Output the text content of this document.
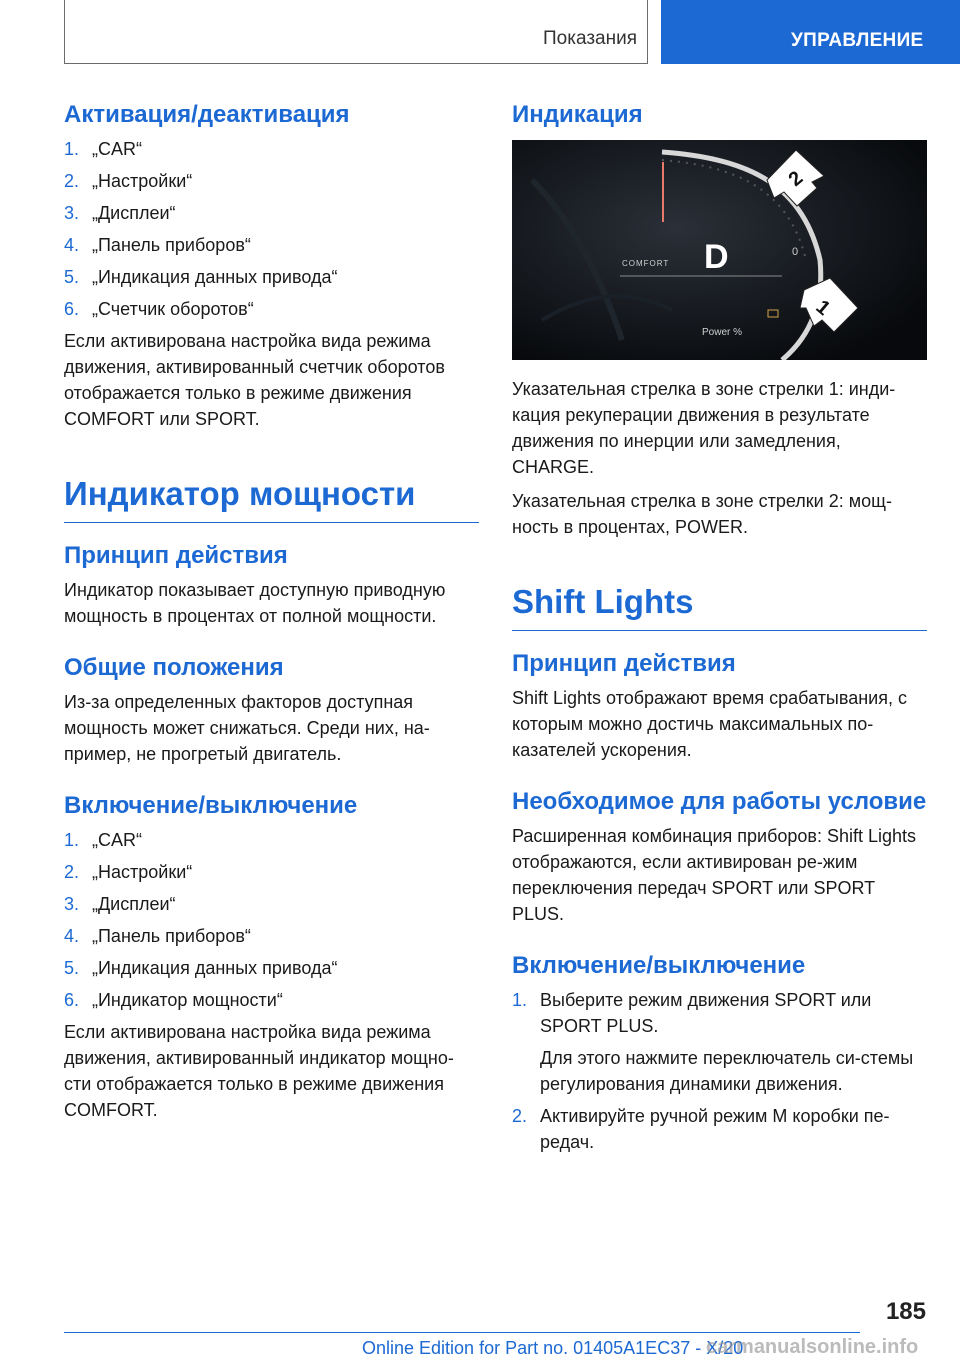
Показания	УПРАВЛЕНИЕ
Активация/деактивация
1. „CAR“
2. „Настройки“
3. „Дисплеи“
4. „Панель приборов“
5. „Индикация данных привода“
6. „Счетчик оборотов“

Если активирована настройка вида режима движения, активированный счетчик оборотов отображается только в режиме движения COMFORT или SPORT.

Индикатор мощности
Принцип действия

Индикатор показывает доступную приводную мощность в процентах от полной мощности.

Общие положения

Из-за определенных факторов доступная мощность может снижаться. Среди них, на-пример, не прогретый двигатель.

Включение/выключение
1. „CAR“
2. „Настройки“
3. „Дисплеи“
4. „Панель приборов“
5. „Индикация данных привода“
6. „Индикатор мощности“

Если активирована настройка вида режима движения, активированный индикатор мощно-сти отображается только в режиме движения COMFORT.

Индикация
D
COMFORT
0
Power %
2
1

Указательная стрелка в зоне стрелки 1: инди-кация рекуперации движения в результате движения по инерции или замедления, CHARGE.

Указательная стрелка в зоне стрелки 2: мощ-ность в процентах, POWER.

Shift Lights
Принцип действия

Shift Lights отображают время срабатывания, с которым можно достичь максимальных по-казателей ускорения.

Необходимое для работы условие

Расширенная комбинация приборов: Shift Lights отображаются, если активирован ре-жим переключения передач SPORT или SPORT PLUS.

Включение/выключение
1. Выберите режим движения SPORT или SPORT PLUS.
Для этого нажмите переключатель си-стемы регулирования динамики движения.
2. Активируйте ручной режим M коробки пе-редач.
185
Online Edition for Part no. 01405A1EC37 - X/20
carmanualsonline.info
